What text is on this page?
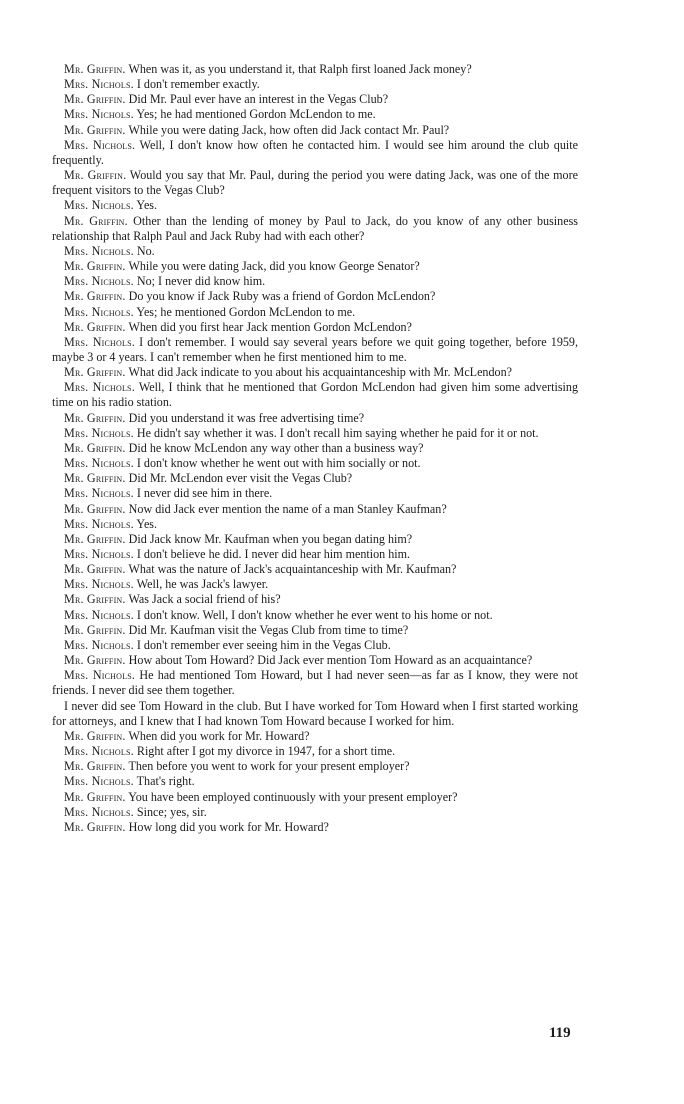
Mr. Griffin. When was it, as you understand it, that Ralph first loaned Jack money?

Mrs. Nichols. I don't remember exactly.

Mr. Griffin. Did Mr. Paul ever have an interest in the Vegas Club?

Mrs. Nichols. Yes; he had mentioned Gordon McLendon to me.

Mr. Griffin. While you were dating Jack, how often did Jack contact Mr. Paul?

Mrs. Nichols. Well, I don't know how often he contacted him. I would see him around the club quite frequently.

Mr. Griffin. Would you say that Mr. Paul, during the period you were dating Jack, was one of the more frequent visitors to the Vegas Club?

Mrs. Nichols. Yes.

Mr. Griffin. Other than the lending of money by Paul to Jack, do you know of any other business relationship that Ralph Paul and Jack Ruby had with each other?

Mrs. Nichols. No.

Mr. Griffin. While you were dating Jack, did you know George Senator?

Mrs. Nichols. No; I never did know him.

Mr. Griffin. Do you know if Jack Ruby was a friend of Gordon McLendon?

Mrs. Nichols. Yes; he mentioned Gordon McLendon to me.

Mr. Griffin. When did you first hear Jack mention Gordon McLendon?

Mrs. Nichols. I don't remember. I would say several years before we quit going together, before 1959, maybe 3 or 4 years. I can't remember when he first mentioned him to me.

Mr. Griffin. What did Jack indicate to you about his acquaintanceship with Mr. McLendon?

Mrs. Nichols. Well, I think that he mentioned that Gordon McLendon had given him some advertising time on his radio station.

Mr. Griffin. Did you understand it was free advertising time?

Mrs. Nichols. He didn't say whether it was. I don't recall him saying whether he paid for it or not.

Mr. Griffin. Did he know McLendon any way other than a business way?

Mrs. Nichols. I don't know whether he went out with him socially or not.

Mr. Griffin. Did Mr. McLendon ever visit the Vegas Club?

Mrs. Nichols. I never did see him in there.

Mr. Griffin. Now did Jack ever mention the name of a man Stanley Kaufman?

Mrs. Nichols. Yes.

Mr. Griffin. Did Jack know Mr. Kaufman when you began dating him?

Mrs. Nichols. I don't believe he did. I never did hear him mention him.

Mr. Griffin. What was the nature of Jack's acquaintanceship with Mr. Kaufman?

Mrs. Nichols. Well, he was Jack's lawyer.

Mr. Griffin. Was Jack a social friend of his?

Mrs. Nichols. I don't know. Well, I don't know whether he ever went to his home or not.

Mr. Griffin. Did Mr. Kaufman visit the Vegas Club from time to time?

Mrs. Nichols. I don't remember ever seeing him in the Vegas Club.

Mr. Griffin. How about Tom Howard? Did Jack ever mention Tom Howard as an acquaintance?

Mrs. Nichols. He had mentioned Tom Howard, but I had never seen—as far as I know, they were not friends. I never did see them together.

I never did see Tom Howard in the club. But I have worked for Tom Howard when I first started working for attorneys, and I knew that I had known Tom Howard because I worked for him.

Mr. Griffin. When did you work for Mr. Howard?

Mrs. Nichols. Right after I got my divorce in 1947, for a short time.

Mr. Griffin. Then before you went to work for your present employer?

Mrs. Nichols. That's right.

Mr. Griffin. You have been employed continuously with your present employer?

Mrs. Nichols. Since; yes, sir.

Mr. Griffin. How long did you work for Mr. Howard?

119
